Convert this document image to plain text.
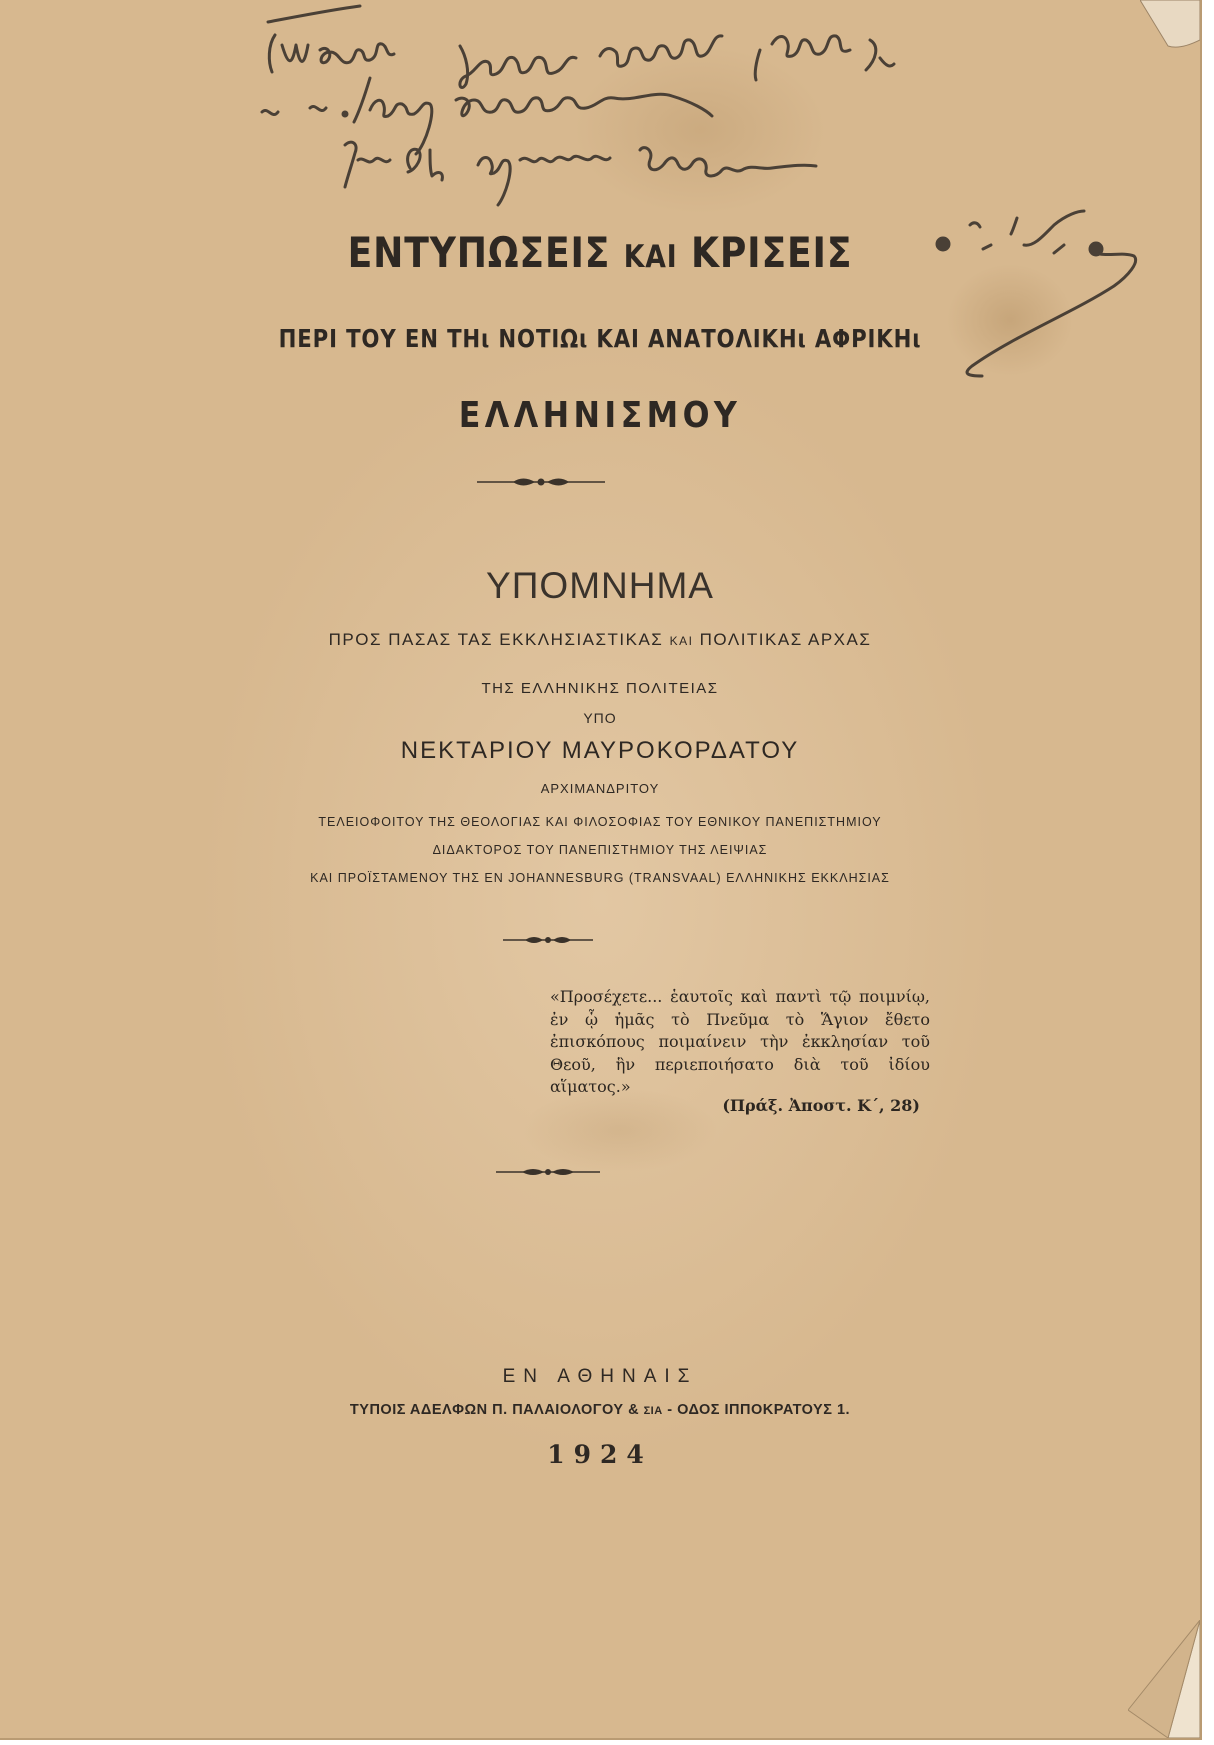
ΕΝΤΥΠΩΣΕΙΣ ΚΑΙ ΚΡΙΣΕΙΣ
ΠΕΡΙ ΤΟΥ ΕΝ ΤΗι ΝΟΤΙΩι ΚΑΙ ΑΝΑΤΟΛΙΚΗι ΑΦΡΙΚΗι
ΕΛΛΗΝΙΣΜΟΥ
ΥΠΟΜΝΗΜΑ
ΠΡΟΣ ΠΑΣΑΣ ΤΑΣ ΕΚΚΛΗΣΙΑΣΤΙΚΑΣ ΚΑΙ ΠΟΛΙΤΙΚΑΣ ΑΡΧΑΣ
ΤΗΣ ΕΛΛΗΝΙΚΗΣ ΠΟΛΙΤΕΙΑΣ
ΥΠΟ
ΝΕΚΤΑΡΙΟΥ ΜΑΥΡΟΚΟΡΔΑΤΟΥ
ΑΡΧΙΜΑΝΔΡΙΤΟΥ
ΤΕΛΕΙΟΦΟΙΤΟΥ ΤΗΣ ΘΕΟΛΟΓΙΑΣ ΚΑΙ ΦΙΛΟΣΟΦΙΑΣ ΤΟΥ ΕΘΝΙΚΟΥ ΠΑΝΕΠΙΣΤΗΜΙΟΥ
ΔΙΔΑΚΤΟΡΟΣ ΤΟΥ ΠΑΝΕΠΙΣΤΗΜΙΟΥ ΤΗΣ ΛΕΙΨΙΑΣ
ΚΑΙ ΠΡΟΪΣΤΑΜΕΝΟΥ ΤΗΣ ΕΝ JOHANNESBURG (TRANSVAAL) ΕΛΛΗΝΙΚΗΣ ΕΚΚΛΗΣΙΑΣ

«Προσέχετε... ἑαυτοῖς καὶ παντὶ τῷ ποιμνίῳ, ἐν ᾧ ἡμᾶς τὸ Πνεῦμα τὸ Ἅγιον ἔθετο ἐπισκόπους ποιμαίνειν τὴν ἐκκλησίαν τοῦ Θεοῦ, ἣν περιεποιήσατο διὰ τοῦ ἰδίου αἵματος.»

(Πράξ. Ἀποστ. Κ΄, 28)
ΕΝ ΑΘΗΝΑΙΣ
ΤΥΠΟΙΣ ΑΔΕΛΦΩΝ Π. ΠΑΛΑΙΟΛΟΓΟΥ & ΣΙΑ - ΟΔΟΣ ΙΠΠΟΚΡΑΤΟΥΣ 1.
1924
